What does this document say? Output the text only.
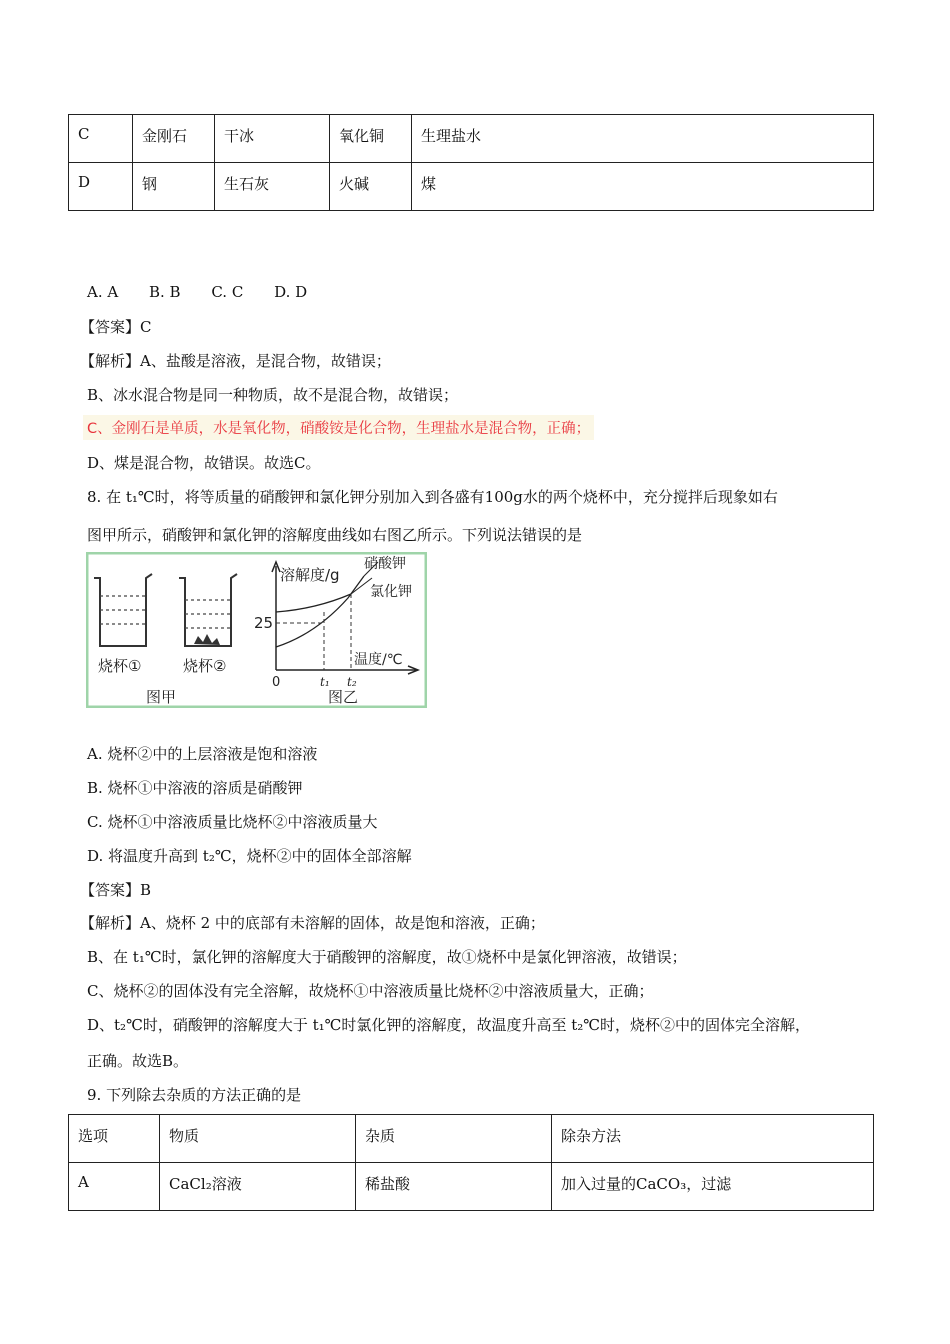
C	金刚石	干冰	氧化铜	生理盐水
D	钢	生石灰	火碱	煤
A. A B. B C. C D. D
【答案】C
【解析】A、盐酸是溶液，是混合物，故错误；
B、冰水混合物是同一种物质，故不是混合物，故错误；
C、金刚石是单质，水是氧化物，硝酸铵是化合物，生理盐水是混合物，正确；
D、煤是混合物，故错误。故选C。
8. 在 t₁℃时，将等质量的硝酸钾和氯化钾分别加入到各盛有100g水的两个烧杯中，充分搅拌后现象如右
图甲所示，硝酸钾和氯化钾的溶解度曲线如右图乙所示。下列说法错误的是
烧杯①	烧杯②
图甲
溶解度/g
硝酸钾
氯化钾
25
温度/℃
0	t₁ t₂
图乙
A. 烧杯②中的上层溶液是饱和溶液
B. 烧杯①中溶液的溶质是硝酸钾
C. 烧杯①中溶液质量比烧杯②中溶液质量大
D. 将温度升高到 t₂℃，烧杯②中的固体全部溶解
【答案】B
【解析】A、烧杯 2 中的底部有未溶解的固体，故是饱和溶液，正确；
B、在 t₁℃时，氯化钾的溶解度大于硝酸钾的溶解度，故①烧杯中是氯化钾溶液，故错误；
C、烧杯②的固体没有完全溶解，故烧杯①中溶液质量比烧杯②中溶液质量大，正确；
D、t₂℃时，硝酸钾的溶解度大于 t₁℃时氯化钾的溶解度，故温度升高至 t₂℃时，烧杯②中的固体完全溶解，
正确。故选B。
9. 下列除去杂质的方法正确的是
选项	物质	杂质	除杂方法
A	CaCl₂溶液	稀盐酸	加入过量的CaCO₃，过滤
